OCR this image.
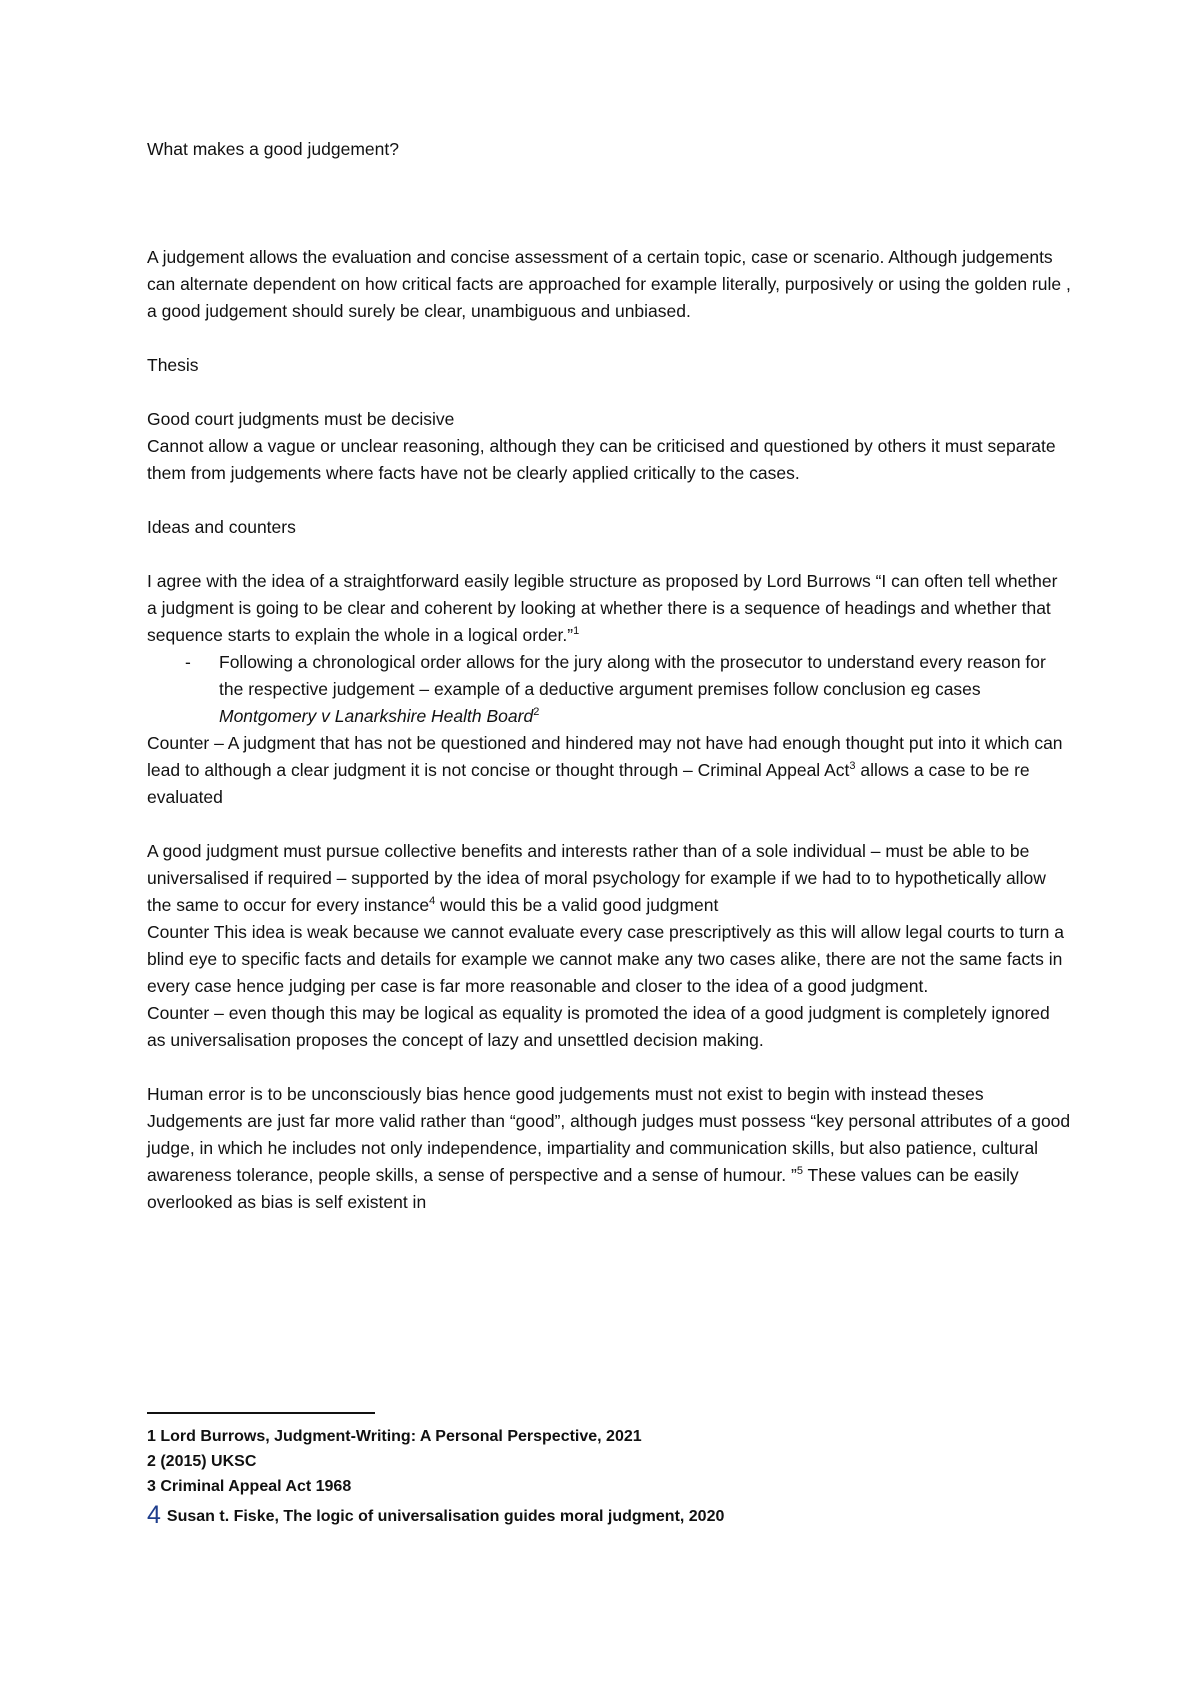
What makes a good judgement?

A judgement allows the evaluation and concise assessment of a certain topic, case or scenario. Although judgements can alternate dependent on how critical facts are approached for example literally, purposively or using the golden rule , a good judgement should surely be clear, unambiguous and unbiased.

Thesis

Good court judgments must be decisive

Cannot allow a vague or unclear reasoning, although they can be criticised and questioned by others it must separate them from judgements where facts have not be clearly applied critically to the cases.

Ideas and counters

I agree with the idea of a straightforward easily legible structure as proposed by Lord Burrows “I can often tell whether a judgment is going to be clear and coherent by looking at whether there is a sequence of headings and whether that sequence starts to explain the whole in a logical order.”$^1$

- Following a chronological order allows for the jury along with the prosecutor to understand every reason for the respective judgement – example of a deductive argument premises follow conclusion eg cases Montgomery v Lanarkshire Health Board$^2$

Counter – A judgment that has not be questioned and hindered may not have had enough thought put into it which can lead to although a clear judgment it is not concise or thought through – Criminal Appeal Act$^3$ allows a case to be re evaluated

A good judgment must pursue collective benefits and interests rather than of a sole individual – must be able to be universalised if required – supported by the idea of moral psychology for example if we had to to hypothetically allow the same to occur for every instance$^4$ would this be a valid good judgment

Counter This idea is weak because we cannot evaluate every case prescriptively as this will allow legal courts to turn a blind eye to specific facts and details for example we cannot make any two cases alike, there are not the same facts in every case hence judging per case is far more reasonable and closer to the idea of a good judgment.

Counter – even though this may be logical as equality is promoted the idea of a good judgment is completely ignored as universalisation proposes the concept of lazy and unsettled decision making.

Human error is to be unconsciously bias hence good judgements must not exist to begin with instead theses

Judgements are just far more valid rather than “good”, although judges must possess “key personal attributes of a good judge, in which he includes not only independence, impartiality and communication skills, but also patience, cultural awareness tolerance, people skills, a sense of perspective and a sense of humour. ”$^5$ These values can be easily overlooked as bias is self existent in

1 Lord Burrows, Judgment-Writing: A Personal Perspective, 2021

2 (2015) UKSC

3 Criminal Appeal Act 1968

4 Susan t. Fiske, The logic of universalisation guides moral judgment, 2020
